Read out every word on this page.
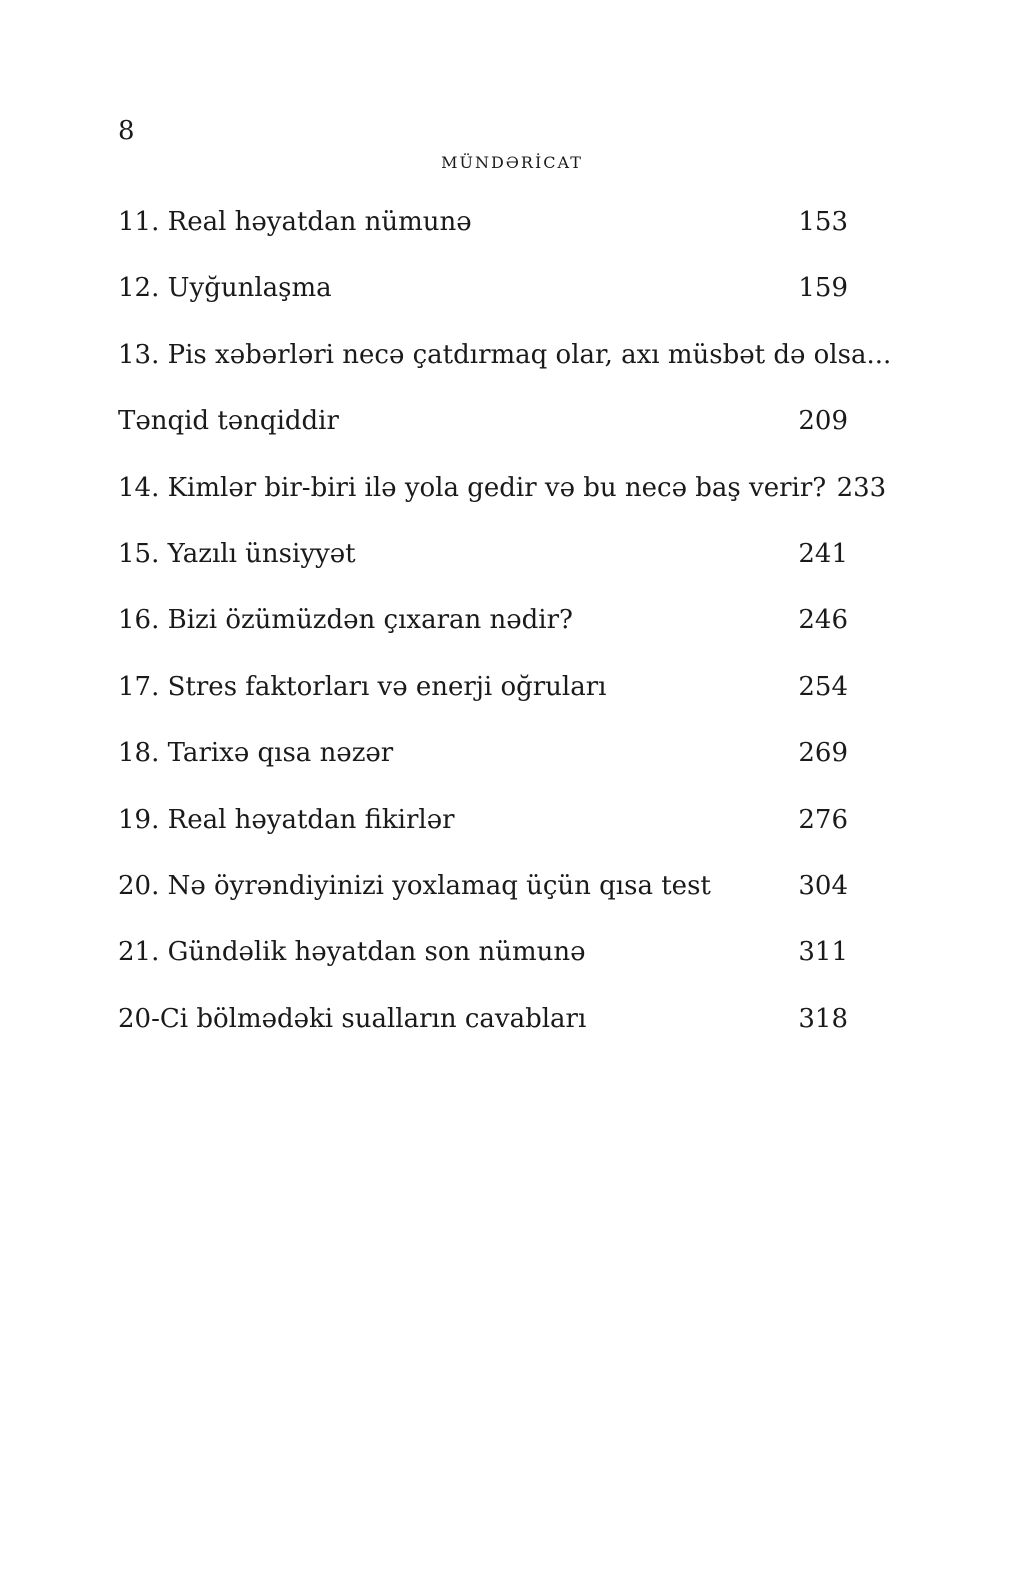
8
MÜNDƏRİCAT
11. Real həyatdan nümunə	153
12. Uyğunlaşma	159
13. Pis xəbərləri necə çatdırmaq olar, axı müsbət də olsa...
Tənqid tənqiddir	209
14. Kimlər bir-biri ilə yola gedir və bu necə baş verir? 233
15. Yazılı ünsiyyət	241
16. Bizi özümüzdən çıxaran nədir?	246
17. Stres faktorları və enerji oğruları	254
18. Tarixə qısa nəzər	269
19. Real həyatdan fikirlər	276
20. Nə öyrəndiyinizi yoxlamaq üçün qısa test	304
21. Gündəlik həyatdan son nümunə	311
20-Ci bölmədəki sualların cavabları	318
